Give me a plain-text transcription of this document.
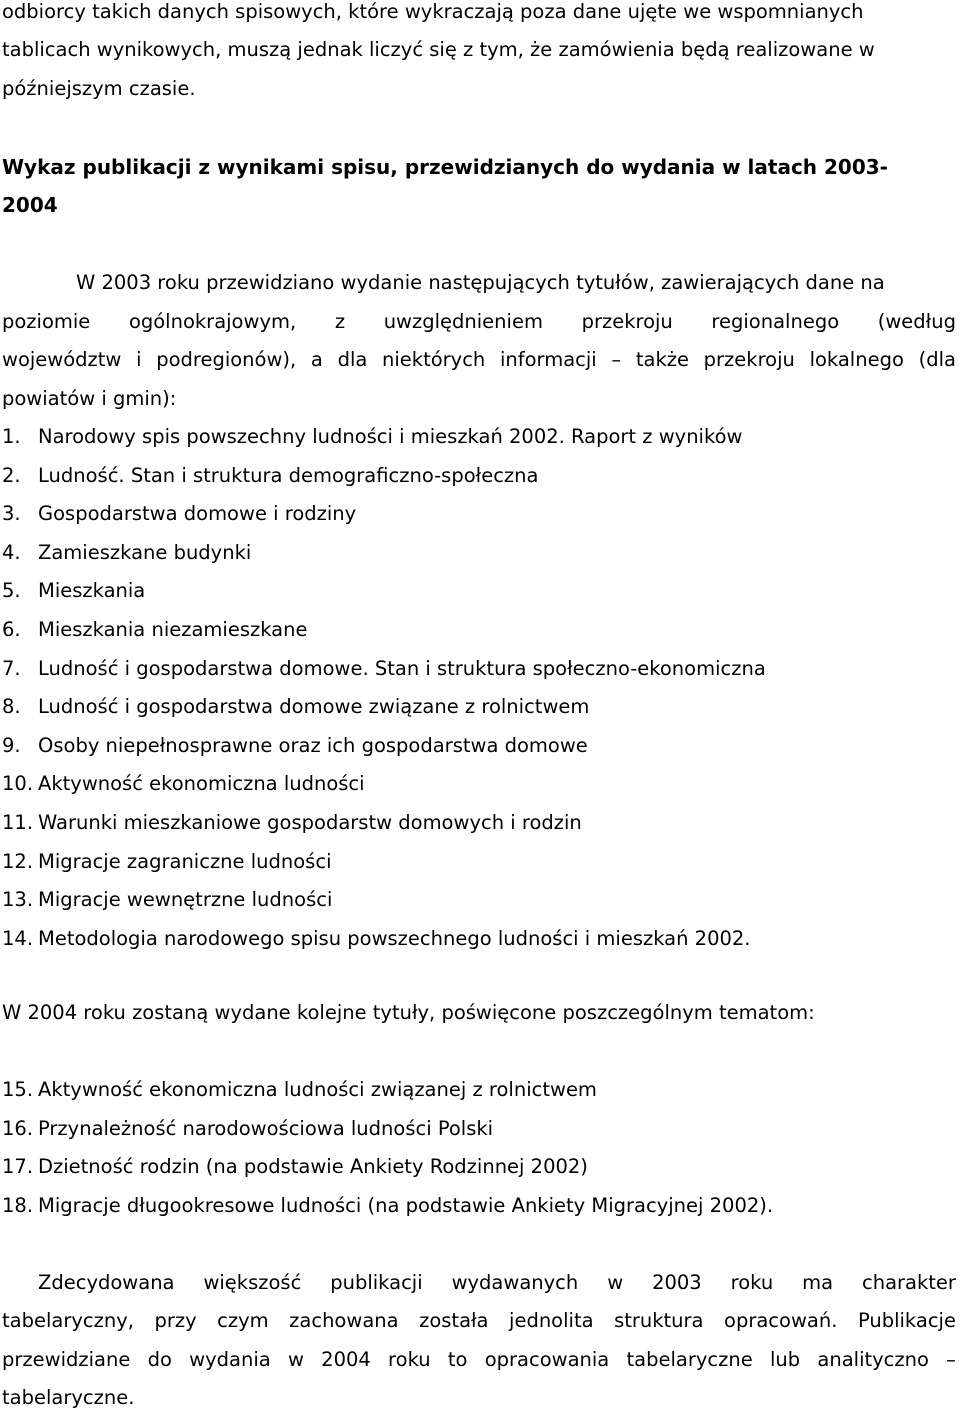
odbiorcy takich danych spisowych, które wykraczają poza dane ujęte we wspomnianych
tablicach wynikowych, muszą jednak liczyć się z tym, że zamówienia będą realizowane w
późniejszym czasie.
Wykaz publikacji z wynikami spisu, przewidzianych do wydania w latach 2003-
2004
W 2003 roku przewidziano wydanie następujących tytułów, zawierających dane na
poziomie ogólnokrajowym, z uwzględnieniem przekroju regionalnego (według
województw i podregionów), a dla niektórych informacji – także przekroju lokalnego (dla
powiatów i gmin):
1. Narodowy spis powszechny ludności i mieszkań 2002. Raport z wyników
2. Ludność. Stan i struktura demograficzno-społeczna
3. Gospodarstwa domowe i rodziny
4. Zamieszkane budynki
5. Mieszkania
6. Mieszkania niezamieszkane
7. Ludność i gospodarstwa domowe. Stan i struktura społeczno-ekonomiczna
8. Ludność i gospodarstwa domowe związane z rolnictwem
9. Osoby niepełnosprawne oraz ich gospodarstwa domowe
10. Aktywność ekonomiczna ludności
11. Warunki mieszkaniowe gospodarstw domowych i rodzin
12. Migracje zagraniczne ludności
13. Migracje wewnętrzne ludności
14. Metodologia narodowego spisu powszechnego ludności i mieszkań 2002.
W 2004 roku zostaną wydane kolejne tytuły, poświęcone poszczególnym tematom:
15. Aktywność ekonomiczna ludności związanej z rolnictwem
16. Przynależność narodowościowa ludności Polski
17. Dzietność rodzin (na podstawie Ankiety Rodzinnej 2002)
18. Migracje długookresowe ludności (na podstawie Ankiety Migracyjnej 2002).
Zdecydowana większość publikacji wydawanych w 2003 roku ma charakter
tabelaryczny, przy czym zachowana została jednolita struktura opracowań. Publikacje
przewidziane do wydania w 2004 roku to opracowania tabelaryczne lub analityczno –
tabelaryczne.
